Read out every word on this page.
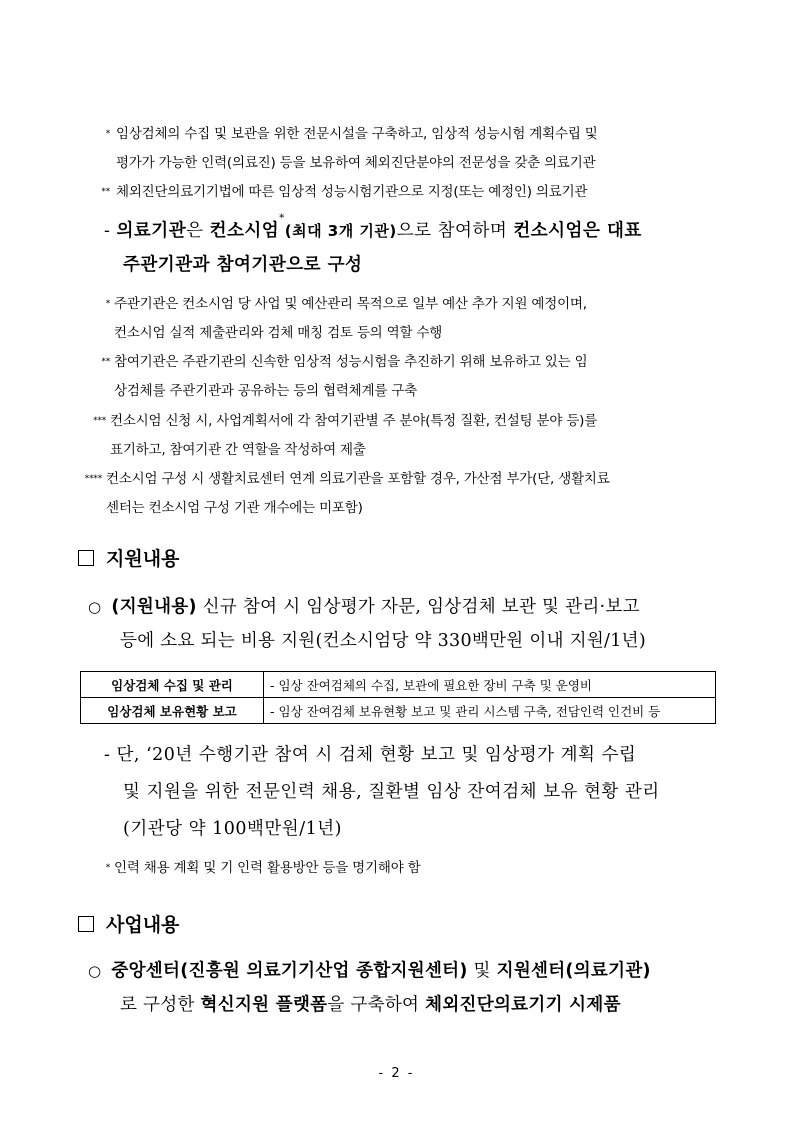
* 임상검체의 수집 및 보관을 위한 전문시설을 구축하고, 임상적 성능시험 계획수립 및
평가가 가능한 인력(의료진) 등을 보유하여 체외진단분야의 전문성을 갖춘 의료기관
** 체외진단의료기기법에 따른 임상적 성능시험기관으로 지정(또는 예정인) 의료기관
- 의료기관은 컨소시엄*(최대 3개 기관)으로 참여하며 컨소시엄은 대표
주관기관과 참여기관으로 구성
* 주관기관은 컨소시엄 당 사업 및 예산관리 목적으로 일부 예산 추가 지원 예정이며,
컨소시엄 실적 제출관리와 검체 매칭 검토 등의 역할 수행
** 참여기관은 주관기관의 신속한 임상적 성능시험을 추진하기 위해 보유하고 있는 임
상검체를 주관기관과 공유하는 등의 협력체계를 구축
*** 컨소시엄 신청 시, 사업계획서에 각 참여기관별 주 분야(특정 질환, 컨설팅 분야 등)를
표기하고, 참여기관 간 역할을 작성하여 제출
**** 컨소시엄 구성 시 생활치료센터 연계 의료기관을 포함할 경우, 가산점 부가(단, 생활치료
센터는 컨소시엄 구성 기관 개수에는 미포함)
지원내용
○ (지원내용) 신규 참여 시 임상평가 자문, 임상검체 보관 및 관리·보고
등에 소요 되는 비용 지원(컨소시엄당 약 330백만원 이내 지원/1년)
임상검체 수집 및 관리	- 임상 잔여검체의 수집, 보관에 필요한 장비 구축 및 운영비
임상검체 보유현황 보고	- 임상 잔여검체 보유현황 보고 및 관리 시스템 구축, 전담인력 인건비 등
- 단, ‘20년 수행기관 참여 시 검체 현황 보고 및 임상평가 계획 수립
및 지원을 위한 전문인력 채용, 질환별 임상 잔여검체 보유 현황 관리
(기관당 약 100백만원/1년)
* 인력 채용 계획 및 기 인력 활용방안 등을 명기해야 함
사업내용
○ 중앙센터(진흥원 의료기기산업 종합지원센터) 및 지원센터(의료기관)
로 구성한 혁신지원 플랫폼을 구축하여 체외진단의료기기 시제품
- 2 -
